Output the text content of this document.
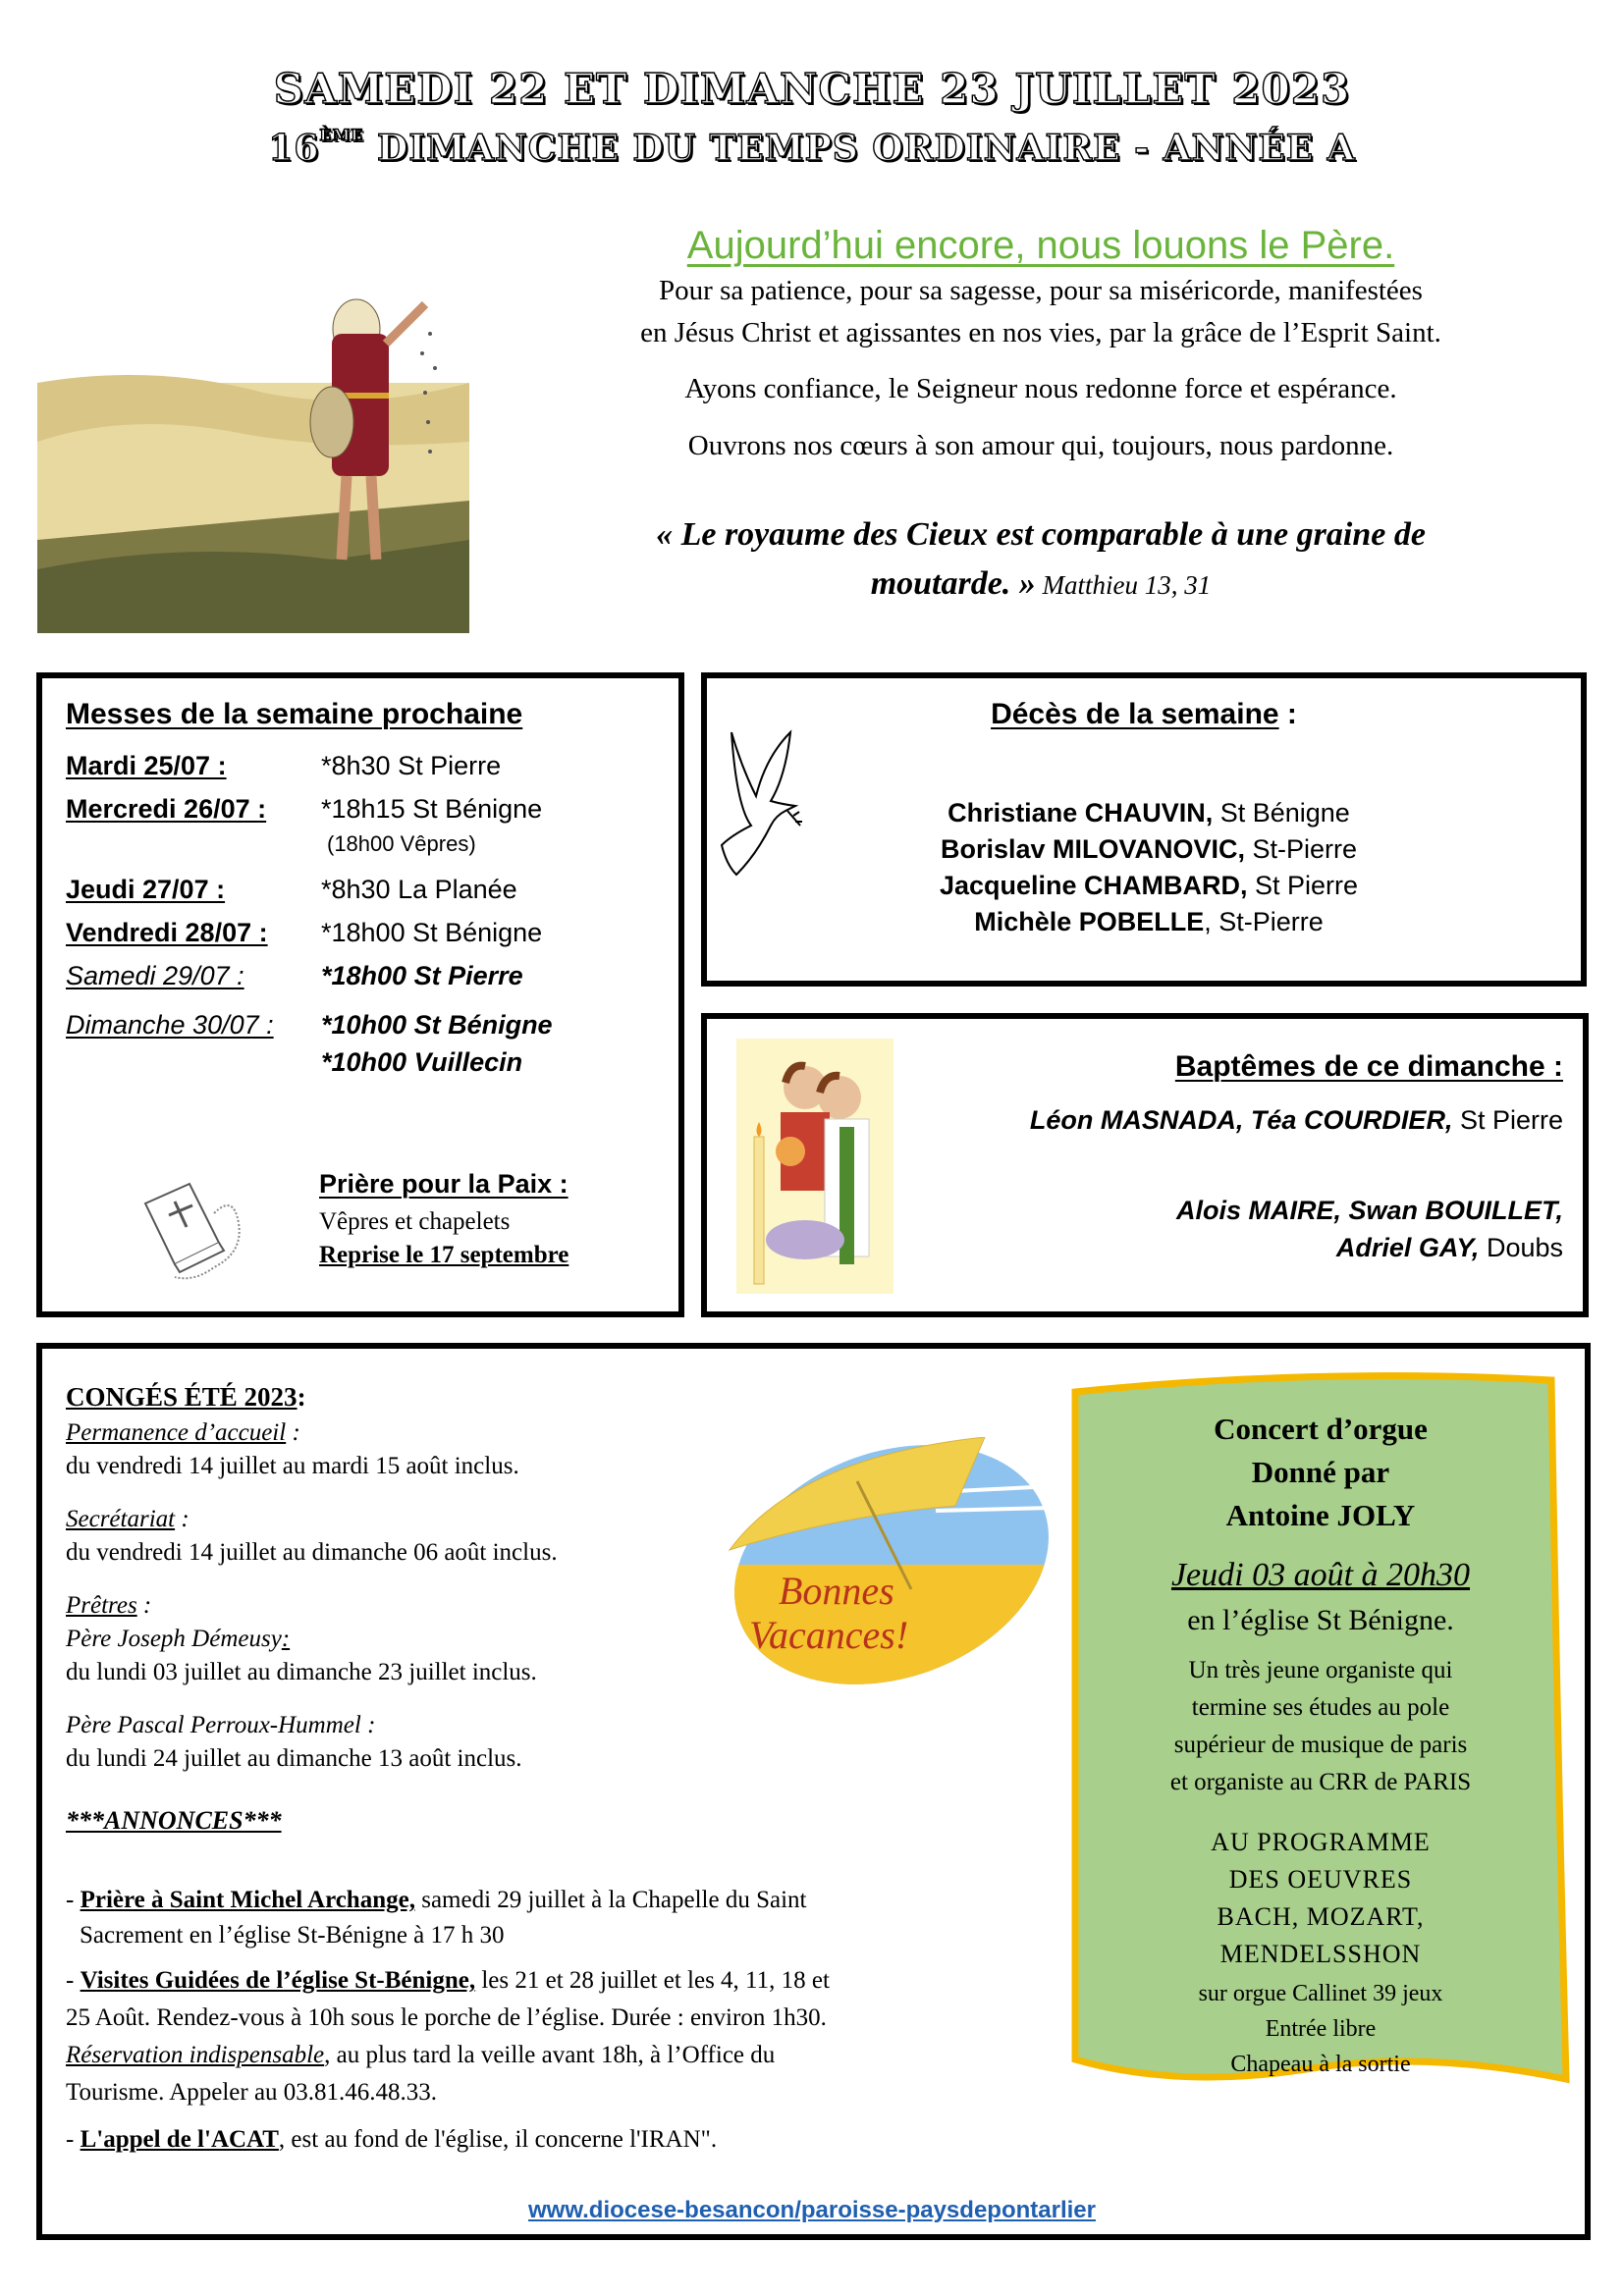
SAMEDI 22 ET DIMANCHE 23 JUILLET 2023
16ÈME DIMANCHE DU TEMPS ORDINAIRE - ANNÉE A
Aujourd’hui encore, nous louons le Père.
Pour sa patience, pour sa sagesse, pour sa miséricorde, manifestées
en Jésus Christ et agissantes en nos vies, par la grâce de l’Esprit Saint.
Ayons confiance, le Seigneur nous redonne force et espérance.
Ouvrons nos cœurs à son amour qui, toujours, nous pardonne.
« Le royaume des Cieux est comparable à une graine de
moutarde. » Matthieu 13, 31
Messes de la semaine prochaine
Mardi 25/07 :	*8h30 St Pierre
Mercredi 26/07 : *18h15 St Bénigne
(18h00 Vêpres)
Jeudi 27/07 :	*8h30 La Planée
Vendredi 28/07 : *18h00 St Bénigne
Samedi 29/07 :	*18h00 St Pierre
Dimanche 30/07 : *10h00 St Bénigne
*10h00 Vuillecin
Prière pour la Paix :
Vêpres et chapelets
Reprise le 17 septembre
Décès de la semaine :
Christiane CHAUVIN, St Bénigne
Borislav MILOVANOVIC, St-Pierre
Jacqueline CHAMBARD, St Pierre
Michèle POBELLE, St-Pierre
Baptêmes de ce dimanche :
Léon MASNADA, Téa COURDIER, St Pierre
Alois MAIRE, Swan BOUILLET,
Adriel GAY, Doubs
CONGÉS ÉTÉ 2023:
Permanence d’accueil :
du vendredi 14 juillet au mardi 15 août inclus.
Secrétariat :
du vendredi 14 juillet au dimanche 06 août inclus.
Prêtres :
Père Joseph Démeusy:
du lundi 03 juillet au dimanche 23 juillet inclus.
Père Pascal Perroux-Hummel :
du lundi 24 juillet au dimanche 13 août inclus.
Bonnes
Vacances!
***ANNONCES***
- Prière à Saint Michel Archange, samedi 29 juillet à la Chapelle du Saint
Sacrement en l’église St-Bénigne à 17 h 30
- Visites Guidées de l’église St-Bénigne, les 21 et 28 juillet et les 4, 11, 18 et
25 Août. Rendez-vous à 10h sous le porche de l’église. Durée : environ 1h30.
Réservation indispensable, au plus tard la veille avant 18h, à l’Office du
Tourisme. Appeler au 03.81.46.48.33.
- L'appel de l'ACAT, est au fond de l'église, il concerne l'IRAN".
Concert d’orgue
Donné par
Antoine JOLY
Jeudi 03 août à 20h30
en l’église St Bénigne.
Un très jeune organiste qui
termine ses études au pole
supérieur de musique de paris
et organiste au CRR de PARIS
AU PROGRAMME
DES OEUVRES
BACH, MOZART,
MENDELSSHON
sur orgue Callinet 39 jeux
Entrée libre
Chapeau à la sortie
www.diocese-besancon/paroisse-paysdepontarlier
